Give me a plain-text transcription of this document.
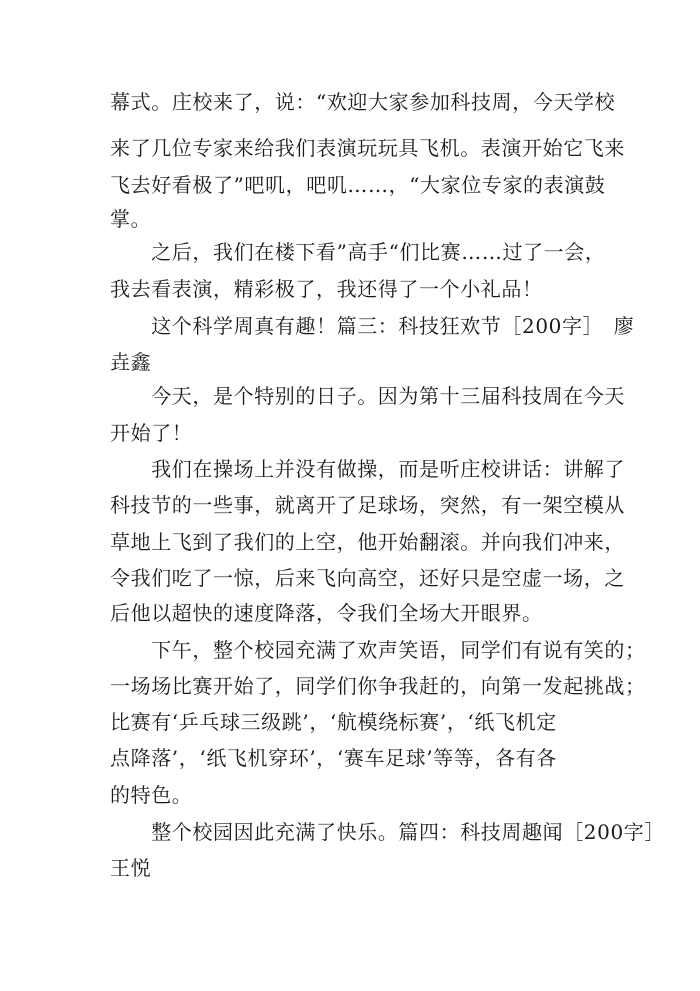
幕式。庄校来了，说：“欢迎大家参加科技周，今天学校
来了几位专家来给我们表演玩玩具飞机。表演开始它飞来
飞去好看极了”吧叽，吧叽……，“大家位专家的表演鼓
掌。
　　之后，我们在楼下看”高手“们比赛……过了一会，
我去看表演，精彩极了，我还得了一个小礼品！
　　这个科学周真有趣！篇三：科技狂欢节［200字］　廖
垚鑫
　　今天，是个特别的日子。因为第十三届科技周在今天
开始了！
　　我们在操场上并没有做操，而是听庄校讲话：讲解了
科技节的一些事，就离开了足球场，突然，有一架空模从
草地上飞到了我们的上空，他开始翻滚。并向我们冲来，
令我们吃了一惊，后来飞向高空，还好只是空虚一场，之
后他以超快的速度降落，令我们全场大开眼界。
　　下午，整个校园充满了欢声笑语，同学们有说有笑的；
一场场比赛开始了，同学们你争我赶的，向第一发起挑战；
比赛有‘乒乓球三级跳’，‘航模绕标赛’，‘纸飞机定
点降落’，‘纸飞机穿环’，‘赛车足球’等等，各有各
的特色。
　　整个校园因此充满了快乐。篇四：科技周趣闻［200字］
王悦
